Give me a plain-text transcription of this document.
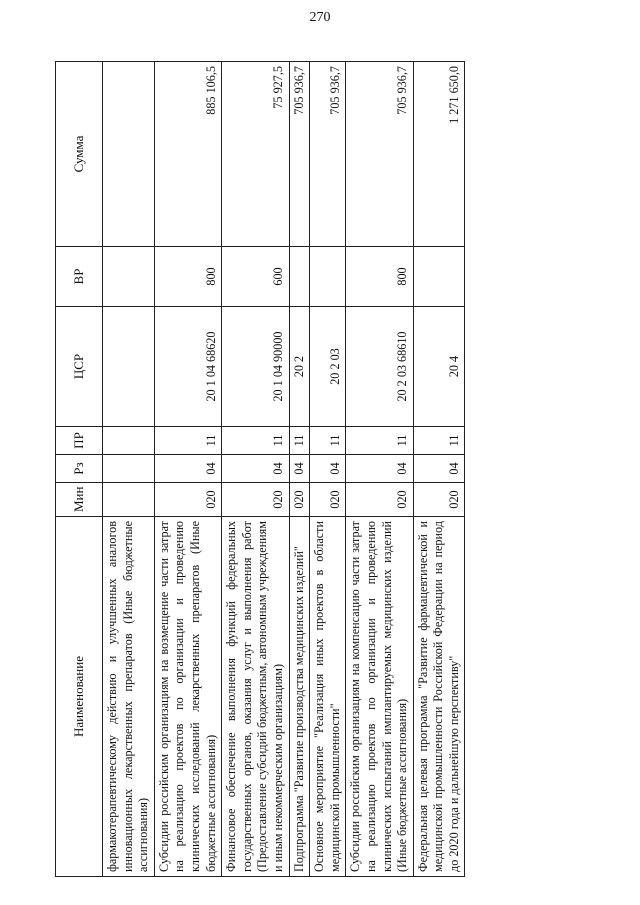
270
Наименование	Мин	Рз	ПР	ЦСР	ВР	Сумма
фармакотерапевтическому действию и улучшенных аналогов инновационных лекарственных препаратов (Иные бюджетные ассигнования)						
Субсидии российским организациям на возмещение части затрат на реализацию проектов по организации и проведению клинических исследований лекарственных препаратов (Иные бюджетные ассигнования)	020	04	11	20 1 04 68620	800	885 106,5
Финансовое обеспечение выполнения функций федеральных государственных органов, оказания услуг и выполнения работ (Предоставление субсидий бюджетным, автономным учреждениям и иным некоммерческим организациям)	020	04	11	20 1 04 90000	600	75 927,5
Подпрограмма "Развитие производства медицинских изделий"	020	04	11	20 2		705 936,7
Основное мероприятие "Реализация иных проектов в области медицинской промышленности"	020	04	11	20 2 03		705 936,7
Субсидии российским организациям на компенсацию части затрат на реализацию проектов по организации и проведению клинических испытаний имплантируемых медицинских изделий (Иные бюджетные ассигнования)	020	04	11	20 2 03 68610	800	705 936,7
Федеральная целевая программа "Развитие фармацевтической и медицинской промышленности Российской Федерации на период до 2020 года и дальнейшую перспективу"	020	04	11	20 4		1 271 650,0
